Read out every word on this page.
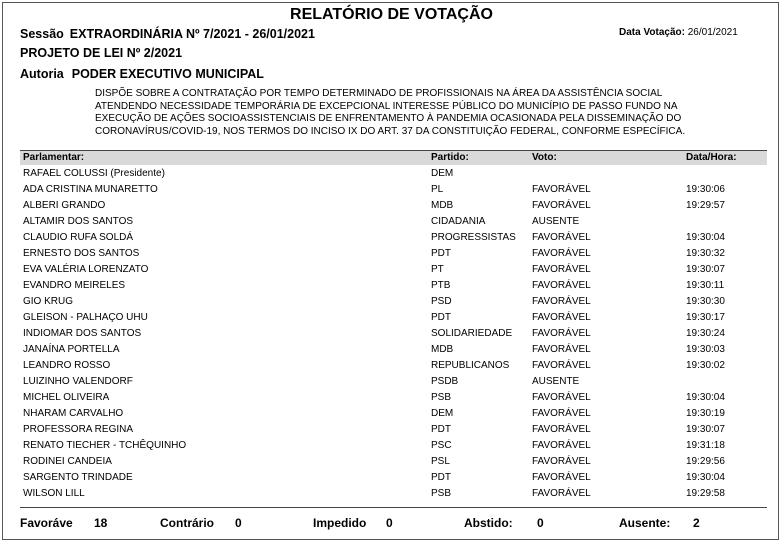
RELATÓRIO DE VOTAÇÃO
Sessão EXTRAORDINÁRIA Nº 7/2021 - 26/01/2021	Data Votação: 26/01/2021
PROJETO DE LEI Nº 2/2021
Autoria PODER EXECUTIVO MUNICIPAL
DISPÕE SOBRE A CONTRATAÇÃO POR TEMPO DETERMINADO DE PROFISSIONAIS NA ÁREA DA ASSISTÊNCIA SOCIAL
ATENDENDO NECESSIDADE TEMPORÁRIA DE EXCEPCIONAL INTERESSE PÚBLICO DO MUNICÍPIO DE PASSO FUNDO NA
EXECUÇÃO DE AÇÕES SOCIOASSISTENCIAIS DE ENFRENTAMENTO À PANDEMIA OCASIONADA PELA DISSEMINAÇÃO DO
CORONAVÍRUS/COVID-19, NOS TERMOS DO INCISO IX DO ART. 37 DA CONSTITUIÇÃO FEDERAL, CONFORME ESPECÍFICA.
Parlamentar:	Partido:	Voto:	Data/Hora:
RAFAEL COLUSSI (Presidente)	DEM
ADA CRISTINA MUNARETTO	PL	FAVORÁVEL	19:30:06
ALBERI GRANDO	MDB	FAVORÁVEL	19:29:57
ALTAMIR DOS SANTOS	CIDADANIA	AUSENTE
CLAUDIO RUFA SOLDÁ	PROGRESSISTAS FAVORÁVEL	19:30:04
ERNESTO DOS SANTOS	PDT	FAVORÁVEL	19:30:32
EVA VALÉRIA LORENZATO	PT	FAVORÁVEL	19:30:07
EVANDRO MEIRELES	PTB	FAVORÁVEL	19:30:11
GIO KRUG	PSD	FAVORÁVEL	19:30:30
GLEISON - PALHAÇO UHU	PDT	FAVORÁVEL	19:30:17
INDIOMAR DOS SANTOS	SOLIDARIEDADE FAVORÁVEL	19:30:24
JANAÍNA PORTELLA	MDB	FAVORÁVEL	19:30:03
LEANDRO ROSSO	REPUBLICANOS FAVORÁVEL	19:30:02
LUIZINHO VALENDORF	PSDB	AUSENTE
MICHEL OLIVEIRA	PSB	FAVORÁVEL	19:30:04
NHARAM CARVALHO	DEM	FAVORÁVEL	19:30:19
PROFESSORA REGINA	PDT	FAVORÁVEL	19:30:07
RENATO TIECHER - TCHÊQUINHO	PSC	FAVORÁVEL	19:31:18
RODINEI CANDEIA	PSL	FAVORÁVEL	19:29:56
SARGENTO TRINDADE	PDT	FAVORÁVEL	19:30:04
WILSON LILL	PSB	FAVORÁVEL	19:29:58
Favoráve 18	Contrário 0	Impedido 0	Abstido: 0	Ausente: 2
